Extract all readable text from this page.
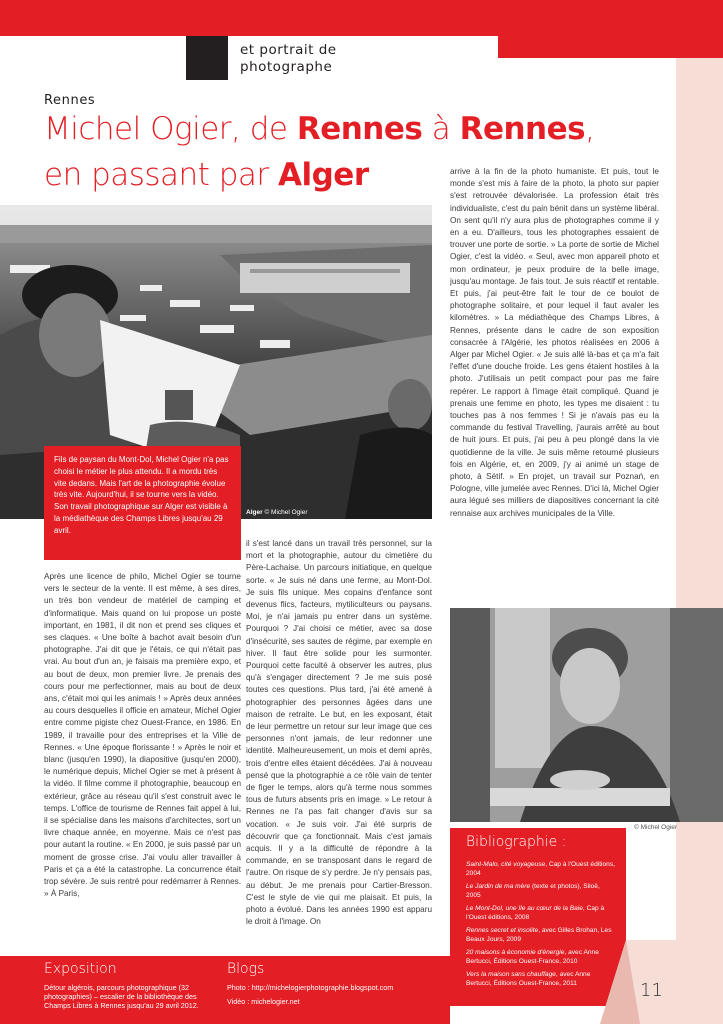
et portrait de photographe
Rennes
Michel Ogier, de Rennes à Rennes,
en passant par Alger
Fils de paysan du Mont-Dol, Michel Ogier n'a pas choisi le métier le plus attendu. Il a mordu très vite dedans. Mais l'art de la photographie évolue très vite. Aujourd'hui, il se tourne vers la vidéo. Son travail photographique sur Alger est visible à la médiathèque des Champs Libres jusqu'au 29 avril.
Alger © Michel Ogier
Après une licence de philo, Michel Ogier se tourne vers le secteur de la vente. Il est même, à ses dires, un très bon vendeur de matériel de camping et d'informatique. Mais quand on lui propose un poste important, en 1981, il dit non et prend ses cliques et ses claques. « Une boîte à bachot avait besoin d'un photographe. J'ai dit que je l'étais, ce qui n'était pas vrai. Au bout d'un an, je faisais ma première expo, et au bout de deux, mon premier livre. Je prenais des cours pour me perfectionner, mais au bout de deux ans, c'était moi qui les animais ! » Après deux années au cours desquelles il officie en amateur, Michel Ogier entre comme pigiste chez Ouest-France, en 1986. En 1989, il travaille pour des entreprises et la Ville de Rennes. « Une époque florissante ! » Après le noir et blanc (jusqu'en 1990), la diapositive (jusqu'en 2000), le numérique depuis, Michel Ogier se met à présent à la vidéo. Il filme comme il photographie, beaucoup en extérieur, grâce au réseau qu'il s'est construit avec le temps. L'office de tourisme de Rennes fait appel à lui, il se spécialise dans les maisons d'architectes, sort un livre chaque année, en moyenne. Mais ce n'est pas pour autant la routine. « En 2000, je suis passé par un moment de grosse crise. J'ai voulu aller travailler à Paris et ça a été la catastrophe. La concurrence était trop sévère. Je suis rentré pour redémarrer à Rennes. » À Paris,
il s'est lancé dans un travail très personnel, sur la mort et la photographie, autour du cimetière du Père-Lachaise. Un parcours initiatique, en quelque sorte. « Je suis né dans une ferme, au Mont-Dol. Je suis fils unique. Mes copains d'enfance sont devenus flics, facteurs, mytiliculteurs ou paysans. Moi, je n'ai jamais pu entrer dans un système. Pourquoi ? J'ai choisi ce métier, avec sa dose d'insécurité, ses sautes de régime, par exemple en hiver. Il faut être solide pour les surmonter. Pourquoi cette faculté à observer les autres, plus qu'à s'engager directement ? Je me suis posé toutes ces questions. Plus tard, j'ai été amené à photographier des personnes âgées dans une maison de retraite. Le but, en les exposant, était de leur permettre un retour sur leur image que ces personnes n'ont jamais, de leur redonner une identité. Malheureusement, un mois et demi après, trois d'entre elles étaient décédées. J'ai à nouveau pensé que la photographie a ce rôle vain de tenter de figer le temps, alors qu'à terme nous sommes tous de futurs absents pris en image. » Le retour à Rennes ne l'a pas fait changer d'avis sur sa vocation. « Je suis voir. J'ai été surpris de découvrir que ça fonctionnait. Mais c'est jamais acquis. Il y a la difficulté de répondre à la commande, en se transposant dans le regard de l'autre. On risque de s'y perdre. Je n'y pensais pas, au début. Je me prenais pour Cartier-Bresson. C'est le style de vie qui me plaisait. Et puis, la photo a évolué. Dans les années 1990 est apparu le droit à l'image. On
arrive à la fin de la photo humaniste. Et puis, tout le monde s'est mis à faire de la photo, la photo sur papier s'est retrouvée dévalorisée. La profession était très individualiste, c'est du pain bénit dans un système libéral. On sent qu'il n'y aura plus de photographes comme il y en a eu. D'ailleurs, tous les photographes essaient de trouver une porte de sortie. » La porte de sortie de Michel Ogier, c'est la vidéo. « Seul, avec mon appareil photo et mon ordinateur, je peux produire de la belle image, jusqu'au montage. Je fais tout. Je suis réactif et rentable. Et puis, j'ai peut-être fait le tour de ce boulot de photographe solitaire, et pour lequel il faut avaler les kilomètres. » La médiathèque des Champs Libres, à Rennes, présente dans le cadre de son exposition consacrée à l'Algérie, les photos réalisées en 2006 à Alger par Michel Ogier. « Je suis allé là-bas et ça m'a fait l'effet d'une douche froide. Les gens étaient hostiles à la photo. J'utilisais un petit compact pour pas me faire repérer. Le rapport à l'image était compliqué. Quand je prenais une femme en photo, les types me disaient : tu touches pas à nos femmes ! Si je n'avais pas eu la commande du festival Travelling, j'aurais arrêté au bout de huit jours. Et puis, j'ai peu à peu plongé dans la vie quotidienne de la ville. Je suis même retourné plusieurs fois en Algérie, et, en 2009, j'y ai animé un stage de photo, à Sétif. » En projet, un travail sur Poznań, en Pologne, ville jumelée avec Rennes. D'ici là, Michel Ogier aura légué ses milliers de diapositives concernant la cité rennaise aux archives municipales de la Ville.
© Michel Ogier
Bibliographie :
Saint-Malo, cité voyageuse, Cap à l'Ouest éditions, 2004
Le Jardin de ma mère (texte et photos), Siloë, 2005
Le Mont-Dol, une île au cœur de la Baie, Cap à l'Ouest éditions, 2008
Rennes secret et insolite, avec Gilles Brohan, Les Beaux Jours, 2009
20 maisons à économie d'énergie, avec Anne Bertucci, Éditions Ouest-France, 2010
Vers la maison sans chauffage, avec Anne Bertucci, Éditions Ouest-France, 2011	11
Exposition
Détour algérois, parcours photographique (32 photographies) – escalier de la bibliothèque des Champs Libres à Rennes jusqu'au 29 avril 2012.
Blogs
Photo : http://michelogierphotographie.blogspot.com
Vidéo : michelogier.net
